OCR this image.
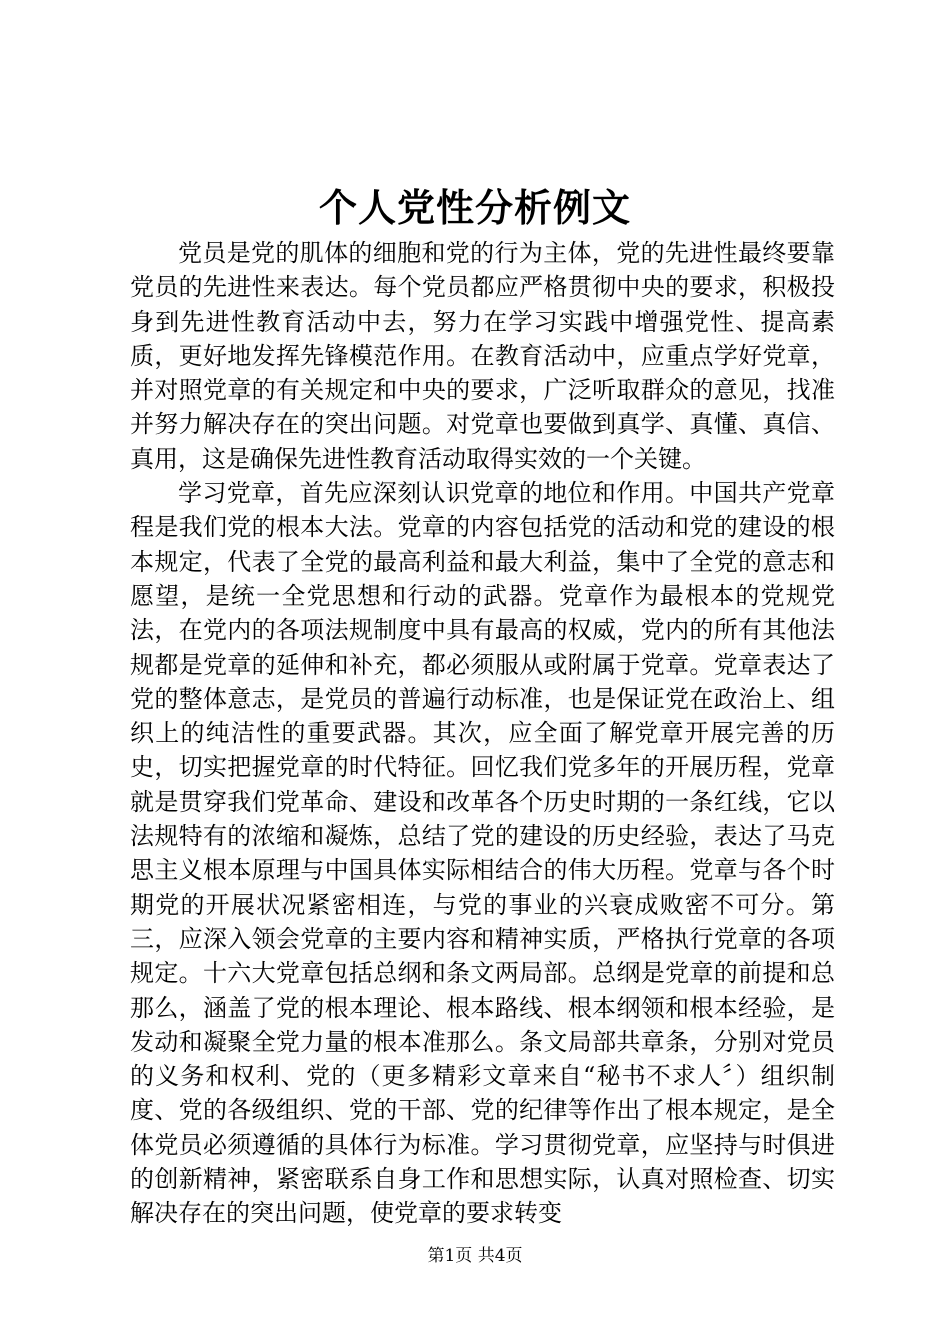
个人党性分析例文

党员是党的肌体的细胞和党的行为主体，党的先进性最终要靠党员的先进性来表达。每个党员都应严格贯彻中央的要求，积极投身到先进性教育活动中去，努力在学习实践中增强党性、提高素质，更好地发挥先锋模范作用。在教育活动中，应重点学好党章，并对照党章的有关规定和中央的要求，广泛听取群众的意见，找准并努力解决存在的突出问题。对党章也要做到真学、真懂、真信、真用，这是确保先进性教育活动取得实效的一个关键。

学习党章，首先应深刻认识党章的地位和作用。中国共产党章程是我们党的根本大法。党章的内容包括党的活动和党的建设的根本规定，代表了全党的最高利益和最大利益，集中了全党的意志和愿望，是统一全党思想和行动的武器。党章作为最根本的党规党法，在党内的各项法规制度中具有最高的权威，党内的所有其他法规都是党章的延伸和补充，都必须服从或附属于党章。党章表达了党的整体意志，是党员的普遍行动标准，也是保证党在政治上、组织上的纯洁性的重要武器。其次，应全面了解党章开展完善的历史，切实把握党章的时代特征。回忆我们党多年的开展历程，党章就是贯穿我们党革命、建设和改革各个历史时期的一条红线，它以法规特有的浓缩和凝炼，总结了党的建设的历史经验，表达了马克思主义根本原理与中国具体实际相结合的伟大历程。党章与各个时期党的开展状况紧密相连，与党的事业的兴衰成败密不可分。第三，应深入领会党章的主要内容和精神实质，严格执行党章的各项规定。十六大党章包括总纲和条文两局部。总纲是党章的前提和总那么，涵盖了党的根本理论、根本路线、根本纲领和根本经验，是发动和凝聚全党力量的根本准那么。条文局部共章条，分别对党员的义务和权利、党的（更多精彩文章来自“秘书不求人〞）组织制度、党的各级组织、党的干部、党的纪律等作出了根本规定，是全体党员必须遵循的具体行为标准。学习贯彻党章，应坚持与时俱进的创新精神，紧密联系自身工作和思想实际，认真对照检查、切实解决存在的突出问题，使党章的要求转变

第1页 共4页
